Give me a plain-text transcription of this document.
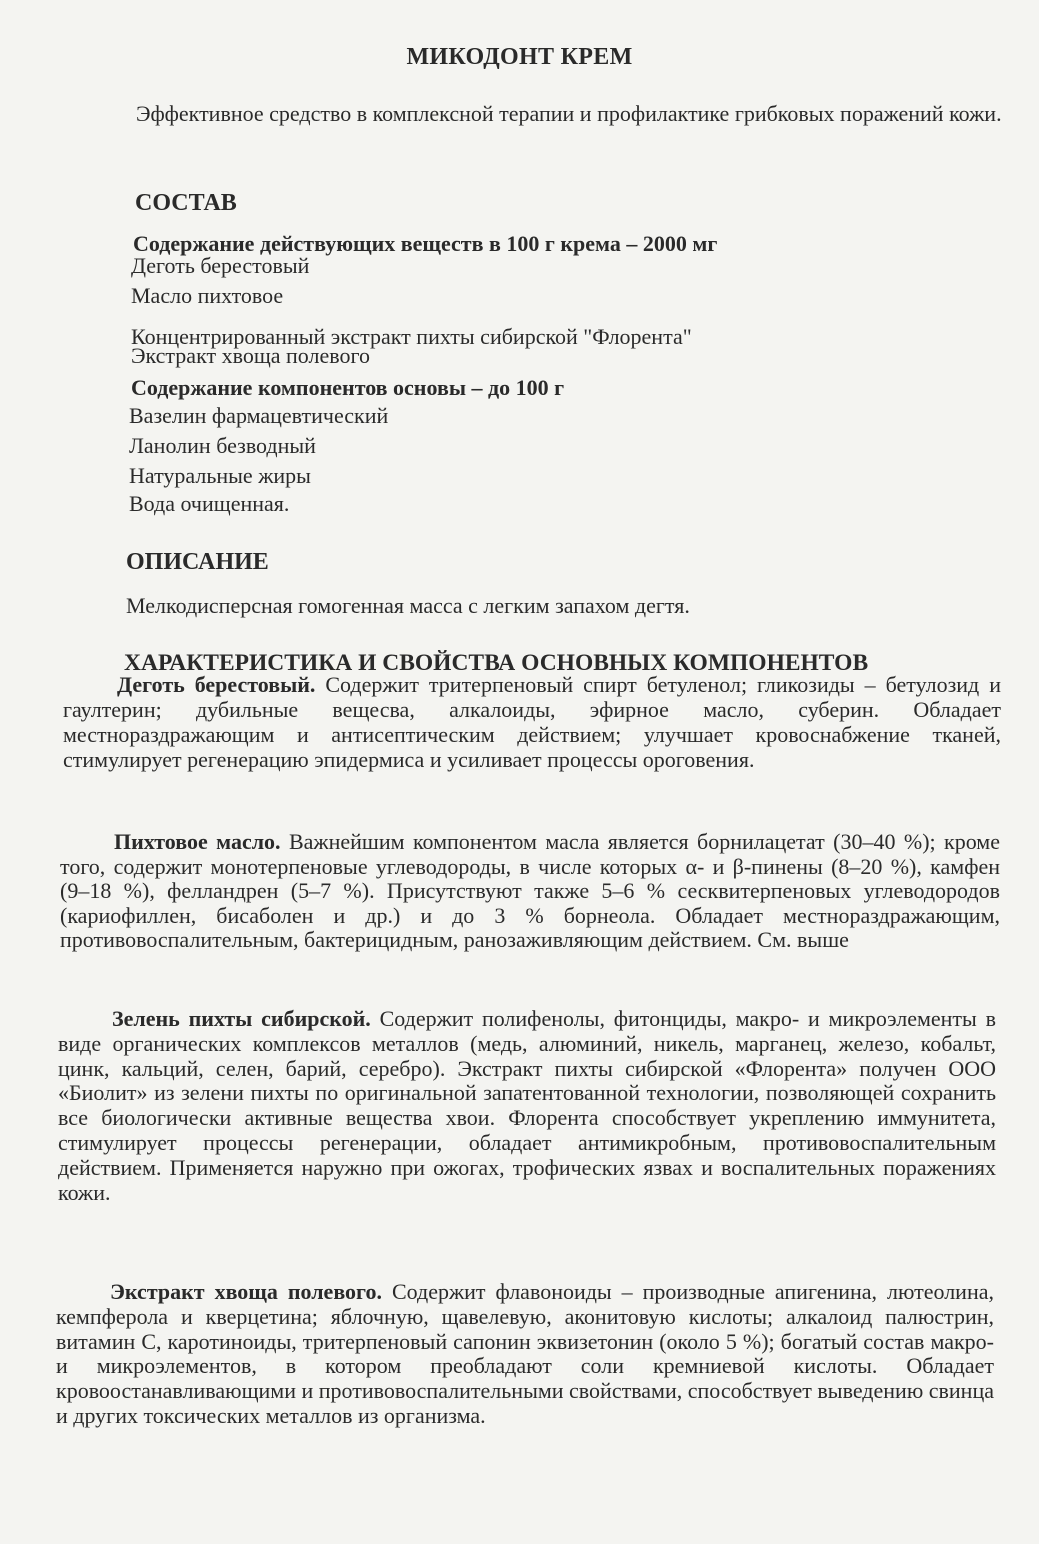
МИКОДОНТ КРЕМ
Эффективное средство в комплексной терапии и профилактике грибковых поражений кожи.
СОСТАВ
Содержание действующих веществ в 100 г крема – 2000 мг
Деготь берестовый
Масло пихтовое
Концентрированный экстракт пихты сибирской "Флорента"
Экстракт хвоща полевого
Содержание компонентов основы – до 100 г
Вазелин фармацевтический
Ланолин безводный
Натуральные жиры
Вода очищенная.
ОПИСАНИЕ
Мелкодисперсная гомогенная масса с легким запахом дегтя.
ХАРАКТЕРИСТИКА И СВОЙСТВА ОСНОВНЫХ КОМПОНЕНТОВ
Деготь берестовый. Содержит тритерпеновый спирт бетуленол; гликозиды – бетулозид и гаултерин; дубильные вещесва, алкалоиды, эфирное масло, суберин. Обладает местнораздражающим и антисептическим действием; улучшает кровоснабжение тканей, стимулирует регенерацию эпидермиса и усиливает процессы ороговения.
Пихтовое масло. Важнейшим компонентом масла является борнилацетат (30–40 %); кроме того, содержит монотерпеновые углеводороды, в числе которых α- и β-пинены (8–20 %), камфен (9–18 %), фелландрен (5–7 %). Присутствуют также 5–6 % сесквитерпеновых углеводородов (кариофиллен, бисаболен и др.) и до 3 % борнеола. Обладает местнораздражающим, противовоспалительным, бактерицидным, ранозаживляющим действием. См. выше
Зелень пихты сибирской. Содержит полифенолы, фитонциды, макро- и микроэлементы в виде органических комплексов металлов (медь, алюминий, никель, марганец, железо, кобальт, цинк, кальций, селен, барий, серебро). Экстракт пихты сибирской «Флорента» получен ООО «Биолит» из зелени пихты по оригинальной запатентованной технологии, позволяющей сохранить все биологически активные вещества хвои. Флорента способствует укреплению иммунитета, стимулирует процессы регенерации, обладает антимикробным, противовоспалительным действием. Применяется наружно при ожогах, трофических язвах и воспалительных поражениях кожи.
Экстракт хвоща полевого. Содержит флавоноиды – производные апигенина, лютеолина, кемпферола и кверцетина; яблочную, щавелевую, аконитовую кислоты; алкалоид палюстрин, витамин С, каротиноиды, тритерпеновый сапонин эквизетонин (около 5 %); богатый состав макро- и микроэлементов, в котором преобладают соли кремниевой кислоты. Обладает кровоостанавливающими и противовоспалительными свойствами, способствует выведению свинца и других токсических металлов из организма.
